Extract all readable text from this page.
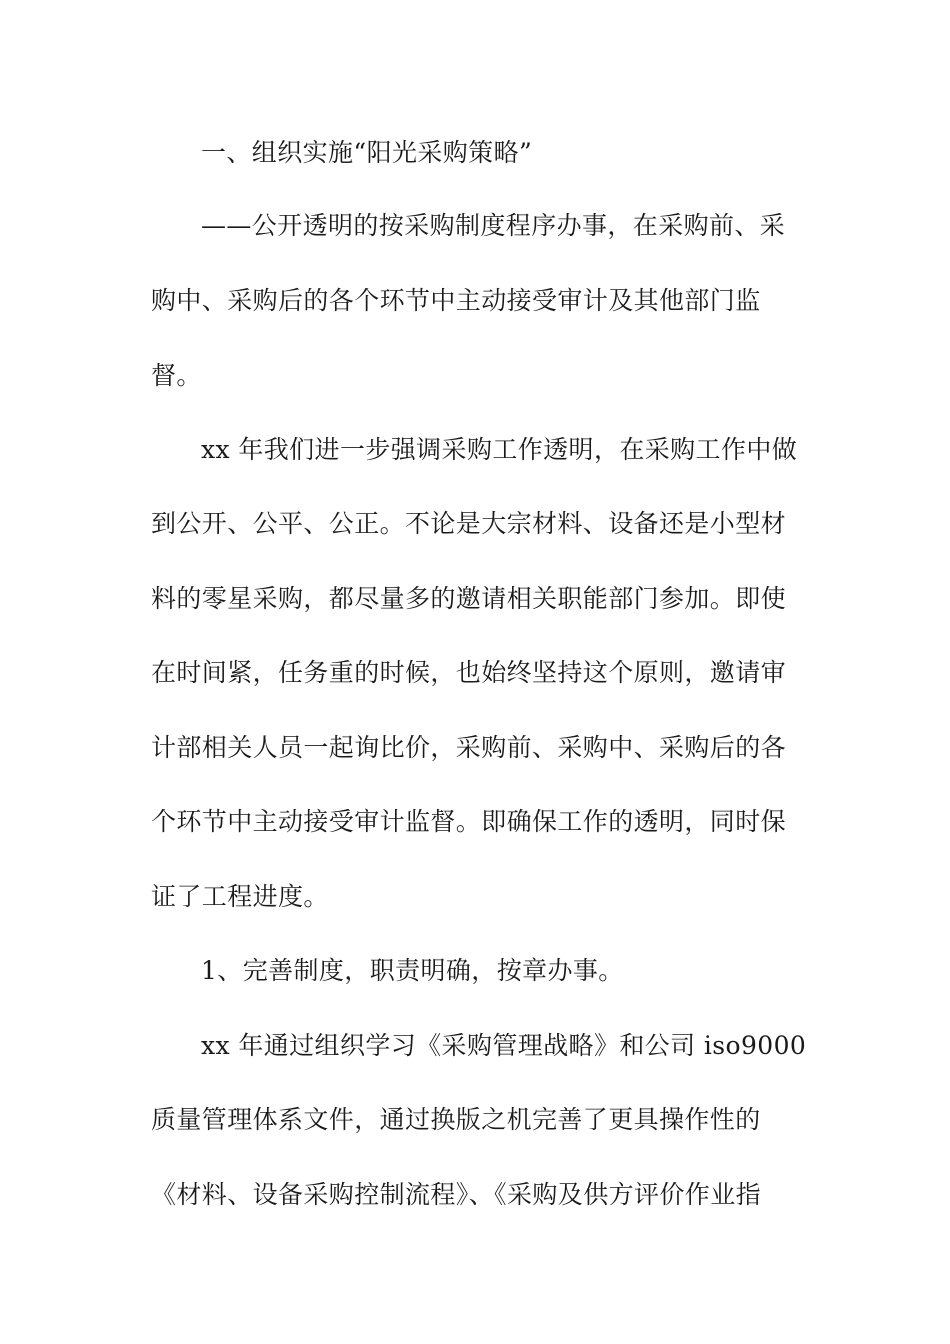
一、组织实施“阳光采购策略”
——公开透明的按采购制度程序办事，在采购前、采
购中、采购后的各个环节中主动接受审计及其他部门监
督。
xx 年我们进一步强调采购工作透明，在采购工作中做
到公开、公平、公正。不论是大宗材料、设备还是小型材
料的零星采购，都尽量多的邀请相关职能部门参加。即使
在时间紧，任务重的时候，也始终坚持这个原则，邀请审
计部相关人员一起询比价，采购前、采购中、采购后的各
个环节中主动接受审计监督。即确保工作的透明，同时保
证了工程进度。
1、完善制度，职责明确，按章办事。
xx 年通过组织学习《采购管理战略》和公司 iso9000
质量管理体系文件，通过换版之机完善了更具操作性的
《材料、设备采购控制流程》、《采购及供方评价作业指
